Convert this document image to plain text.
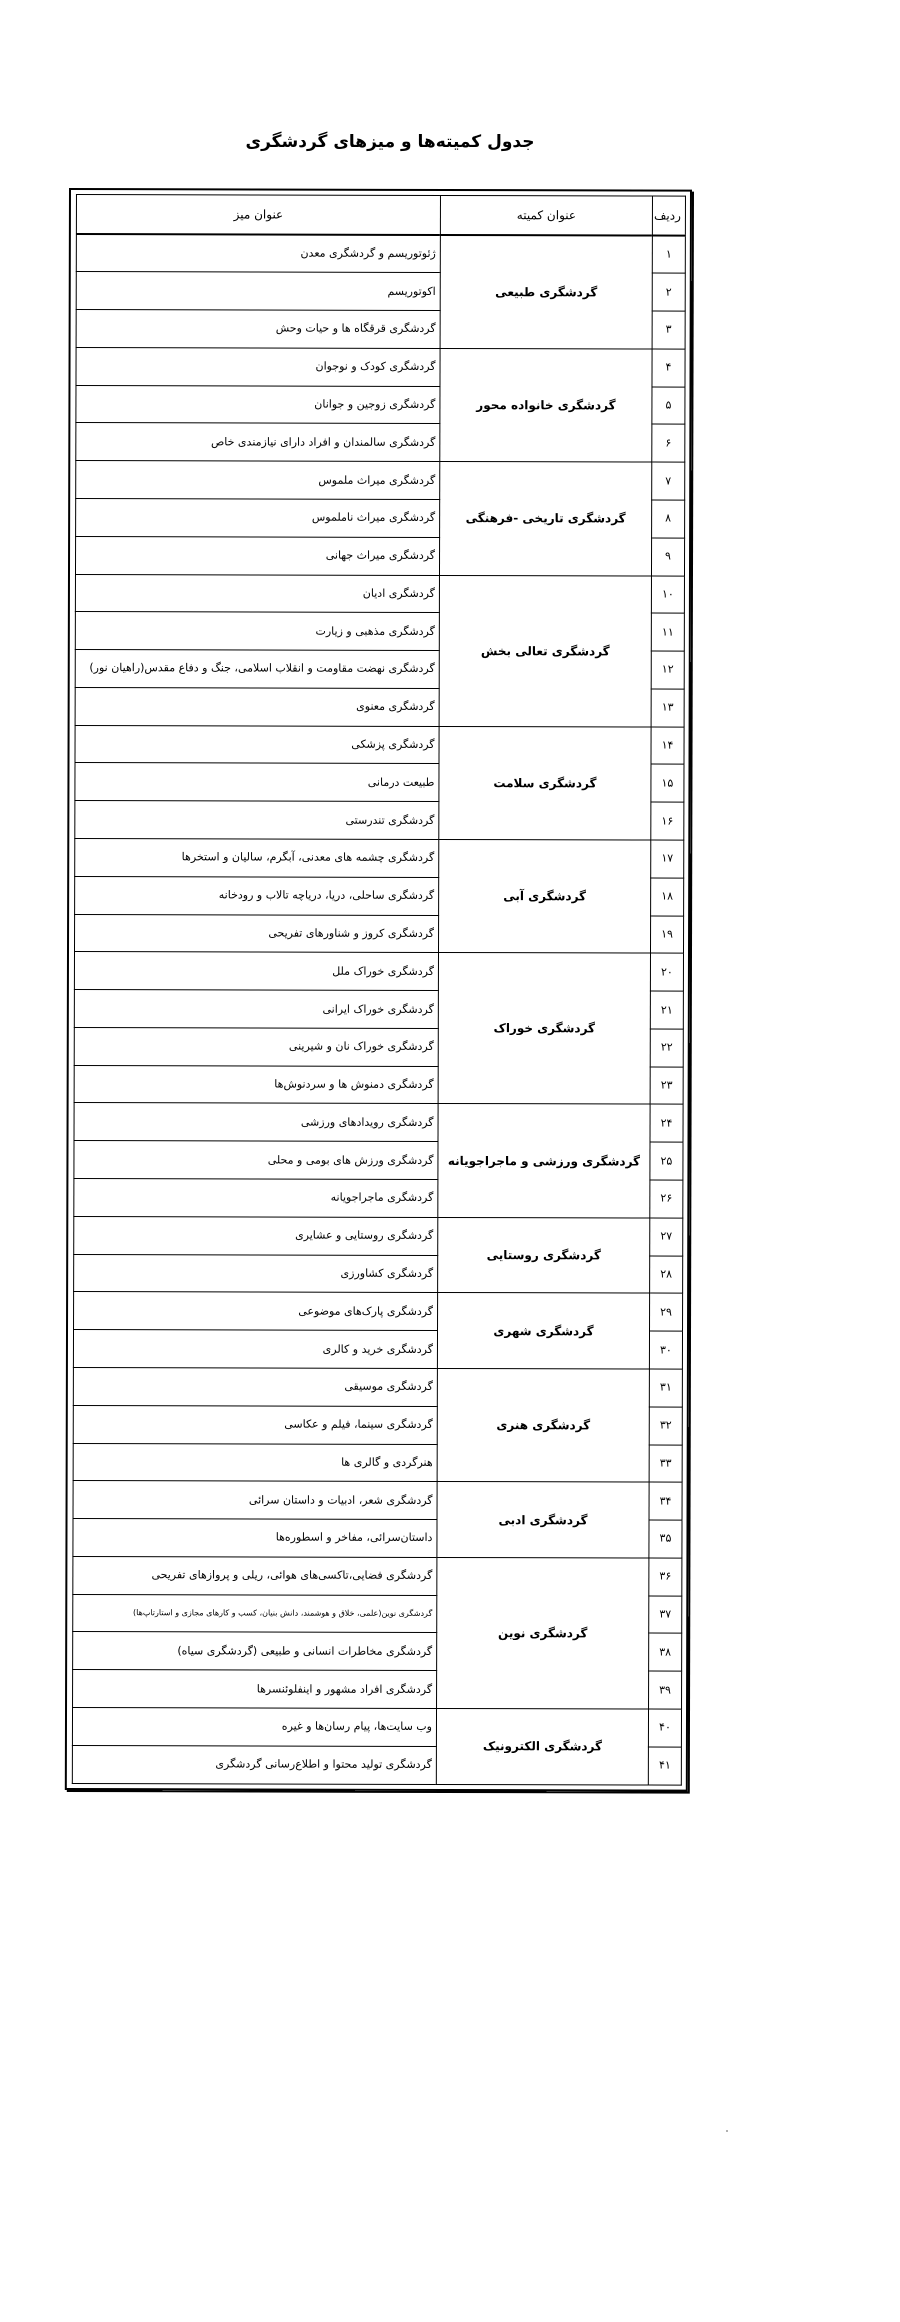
جدول کمیته‌ها و میزهای گردشگری
ردیف	عنوان کمیته	عنوان میز
۱	گردشگری طبیعی	ژئوتوریسم و گردشگری معدن
۲		اکوتوریسم
۳		گردشگری قرقگاه ها و حیات وحش
۴	گردشگری خانواده محور	گردشگری کودک و نوجوان
۵		گردشگری زوجین و جوانان
۶		گردشگری سالمندان و افراد دارای نیازمندی خاص
۷	گردشگری تاریخی -فرهنگی	گردشگری میراث ملموس
۸		گردشگری میراث ناملموس
۹		گردشگری میراث جهانی
۱۰	گردشگری تعالی بخش	گردشگری ادیان
۱۱		گردشگری مذهبی و زیارت
۱۲		گردشگری نهضت مقاومت و انقلاب اسلامی، جنگ و دفاع مقدس(راهیان نور)
۱۳		گردشگری معنوی
۱۴	گردشگری سلامت	گردشگری پزشکی
۱۵		طبیعت درمانی
۱۶		گردشگری تندرستی
۱۷	گردشگری آبی	گردشگری چشمه های معدنی، آبگرم، سالیان و استخرها
۱۸		گردشگری ساحلی، دریا، دریاچه تالاب و رودخانه
۱۹		گردشگری کروز و شناورهای تفریحی
۲۰	گردشگری خوراک	گردشگری خوراک ملل
۲۱		گردشگری خوراک ایرانی
۲۲		گردشگری خوراک نان و شیرینی
۲۳		گردشگری دمنوش ها و سردنوش‌ها
۲۴	گردشگری ورزشی و ماجراجویانه	گردشگری رویدادهای ورزشی
۲۵		گردشگری ورزش های بومی و محلی
۲۶		گردشگری ماجراجویانه
۲۷	گردشگری روستایی	گردشگری روستایی و عشایری
۲۸		گردشگری کشاورزی
۲۹	گردشگری شهری	گردشگری پارک‌های موضوعی
۳۰		گردشگری خرید و کالری
۳۱	گردشگری هنری	گردشگری موسیقی
۳۲		گردشگری سینما، فیلم و عکاسی
۳۳		هنرگردی و گالری ها
۳۴	گردشگری ادبی	گردشگری شعر، ادبیات و داستان سرائی
۳۵		داستان‌سرائی، مفاخر و اسطوره‌ها
۳۶	گردشگری نوین	گردشگری فضایی‌،تاکسی‌های هوائی، ریلی و پروازهای تفریحی
۳۷		گردشگری نوین(علمی، خلاق و هوشمند، دانش بنیان، کسب و کارهای مجازی و استارتاپ‌ها)
۳۸		گردشگری مخاطرات انسانی و طبیعی (گردشگری سیاه)
۳۹		گردشگری افراد مشهور و اینفلوئنسرها
۴۰	گردشگری الکترونیک	وب سایت‌ها، پیام رسان‌ها و غیره
۴۱		گردشگری تولید محتوا و اطلاع‌رسانی گردشگری
